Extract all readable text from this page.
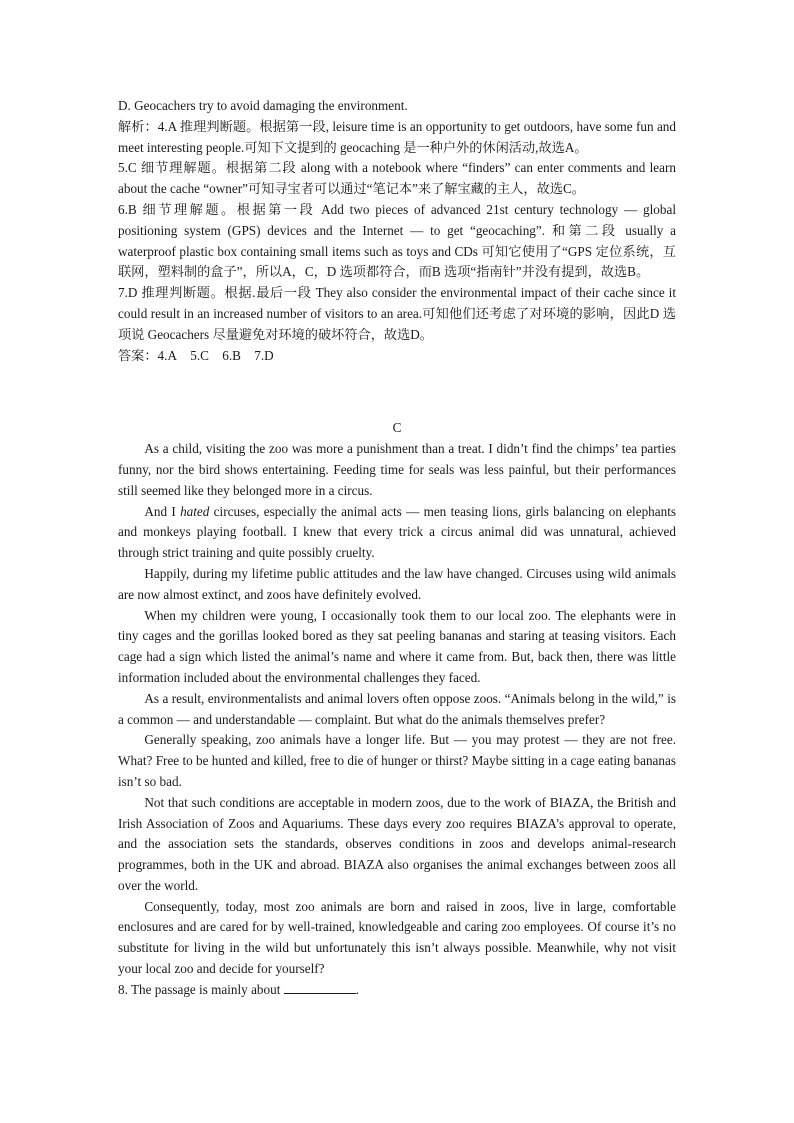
D. Geocachers try to avoid damaging the environment.

解析：4.A 推理判断题。根据第一段, leisure time is an opportunity to get outdoors, have some fun and meet interesting people.可知下文提到的 geocaching 是一种户外的休闲活动,故选A。

5.C 细节理解题。根据第二段 along with a notebook where “finders” can enter comments and learn about the cache “owner”可知寻宝者可以通过“笔记本”来了解宝藏的主人，故选C。

6.B 细节理解题。根据第一段 Add two pieces of advanced 21st century technology — global positioning system (GPS) devices and the Internet — to get “geocaching”. 和第二段 usually a waterproof plastic box containing small items such as toys and CDs 可知它使用了“GPS 定位系统，互联网，塑料制的盒子”，所以A，C，D 选项都符合，而B 选项“指南针”并没有提到，故选B。

7.D 推理判断题。根据.最后一段 They also consider the environmental impact of their cache since it could result in an increased number of visitors to an area.可知他们还考虑了对环境的影响，因此D 选项说 Geocachers 尽量避免对环境的破坏符合，故选D。

答案：4.A 5.C 6.B 7.D

C

As a child, visiting the zoo was more a punishment than a treat. I didn’t find the chimps’ tea parties funny, nor the bird shows entertaining. Feeding time for seals was less painful, but their performances still seemed like they belonged more in a circus.

And I hated circuses, especially the animal acts — men teasing lions, girls balancing on elephants and monkeys playing football. I knew that every trick a circus animal did was unnatural, achieved through strict training and quite possibly cruelty.

Happily, during my lifetime public attitudes and the law have changed. Circuses using wild animals are now almost extinct, and zoos have definitely evolved.

When my children were young, I occasionally took them to our local zoo. The elephants were in tiny cages and the gorillas looked bored as they sat peeling bananas and staring at teasing visitors. Each cage had a sign which listed the animal’s name and where it came from. But, back then, there was little information included about the environmental challenges they faced.

As a result, environmentalists and animal lovers often oppose zoos. “Animals belong in the wild,” is a common — and understandable — complaint. But what do the animals themselves prefer?

Generally speaking, zoo animals have a longer life. But — you may protest — they are not free. What? Free to be hunted and killed, free to die of hunger or thirst? Maybe sitting in a cage eating bananas isn’t so bad.

Not that such conditions are acceptable in modern zoos, due to the work of BIAZA, the British and Irish Association of Zoos and Aquariums. These days every zoo requires BIAZA’s approval to operate, and the association sets the standards, observes conditions in zoos and develops animal-research programmes, both in the UK and abroad. BIAZA also organises the animal exchanges between zoos all over the world.

Consequently, today, most zoo animals are born and raised in zoos, live in large, comfortable enclosures and are cared for by well-trained, knowledgeable and caring zoo employees. Of course it’s no substitute for living in the wild but unfortunately this isn’t always possible. Meanwhile, why not visit your local zoo and decide for yourself?

8. The passage is mainly about	.
